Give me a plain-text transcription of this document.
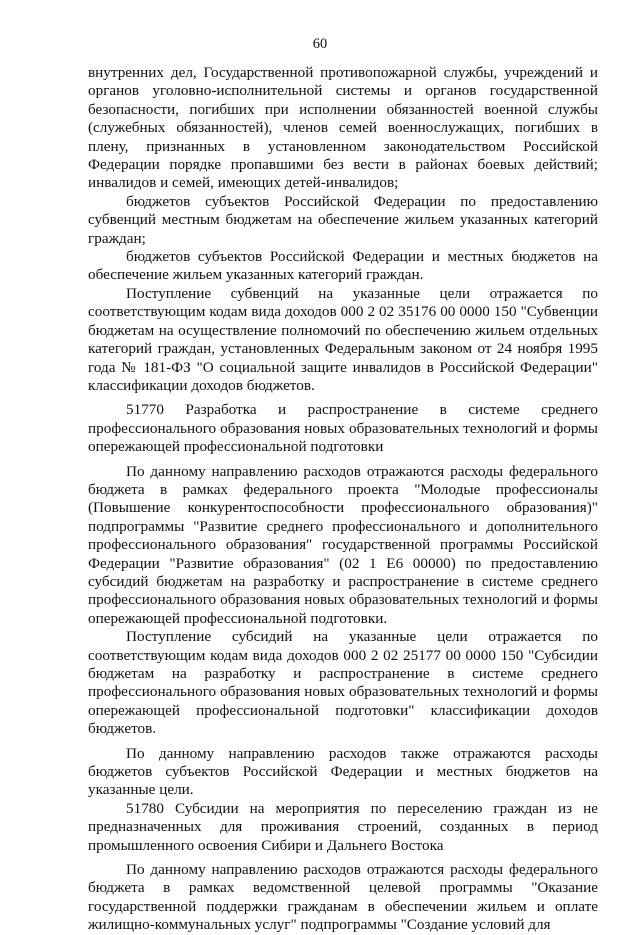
60

внутренних дел, Государственной противопожарной службы, учреждений и органов уголовно-исполнительной системы и органов государственной безопасности, погибших при исполнении обязанностей военной службы (служебных обязанностей), членов семей военнослужащих, погибших в плену, признанных в установленном законодательством Российской Федерации порядке пропавшими без вести в районах боевых действий; инвалидов и семей, имеющих детей-инвалидов;

бюджетов субъектов Российской Федерации по предоставлению субвенций местным бюджетам на обеспечение жильем указанных категорий граждан;

бюджетов субъектов Российской Федерации и местных бюджетов на обеспечение жильем указанных категорий граждан.

Поступление субвенций на указанные цели отражается по соответствующим кодам вида доходов 000 2 02 35176 00 0000 150 "Субвенции бюджетам на осуществление полномочий по обеспечению жильем отдельных категорий граждан, установленных Федеральным законом от 24 ноября 1995 года № 181-ФЗ "О социальной защите инвалидов в Российской Федерации" классификации доходов бюджетов.

51770 Разработка и распространение в системе среднего профессионального образования новых образовательных технологий и формы опережающей профессиональной подготовки

По данному направлению расходов отражаются расходы федерального бюджета в рамках федерального проекта "Молодые профессионалы (Повышение конкурентоспособности профессионального образования)" подпрограммы "Развитие среднего профессионального и дополнительного профессионального образования" государственной программы Российской Федерации "Развитие образования" (02 1 Е6 00000) по предоставлению субсидий бюджетам на разработку и распространение в системе среднего профессионального образования новых образовательных технологий и формы опережающей профессиональной подготовки.

Поступление субсидий на указанные цели отражается по соответствующим кодам вида доходов 000 2 02 25177 00 0000 150 "Субсидии бюджетам на разработку и распространение в системе среднего профессионального образования новых образовательных технологий и формы опережающей профессиональной подготовки" классификации доходов бюджетов.

По данному направлению расходов также отражаются расходы бюджетов субъектов Российской Федерации и местных бюджетов на указанные цели.

51780 Субсидии на мероприятия по переселению граждан из не предназначенных для проживания строений, созданных в период промышленного освоения Сибири и Дальнего Востока

По данному направлению расходов отражаются расходы федерального бюджета в рамках ведомственной целевой программы "Оказание государственной поддержки гражданам в обеспечении жильем и оплате жилищно-коммунальных услуг" подпрограммы "Создание условий для
